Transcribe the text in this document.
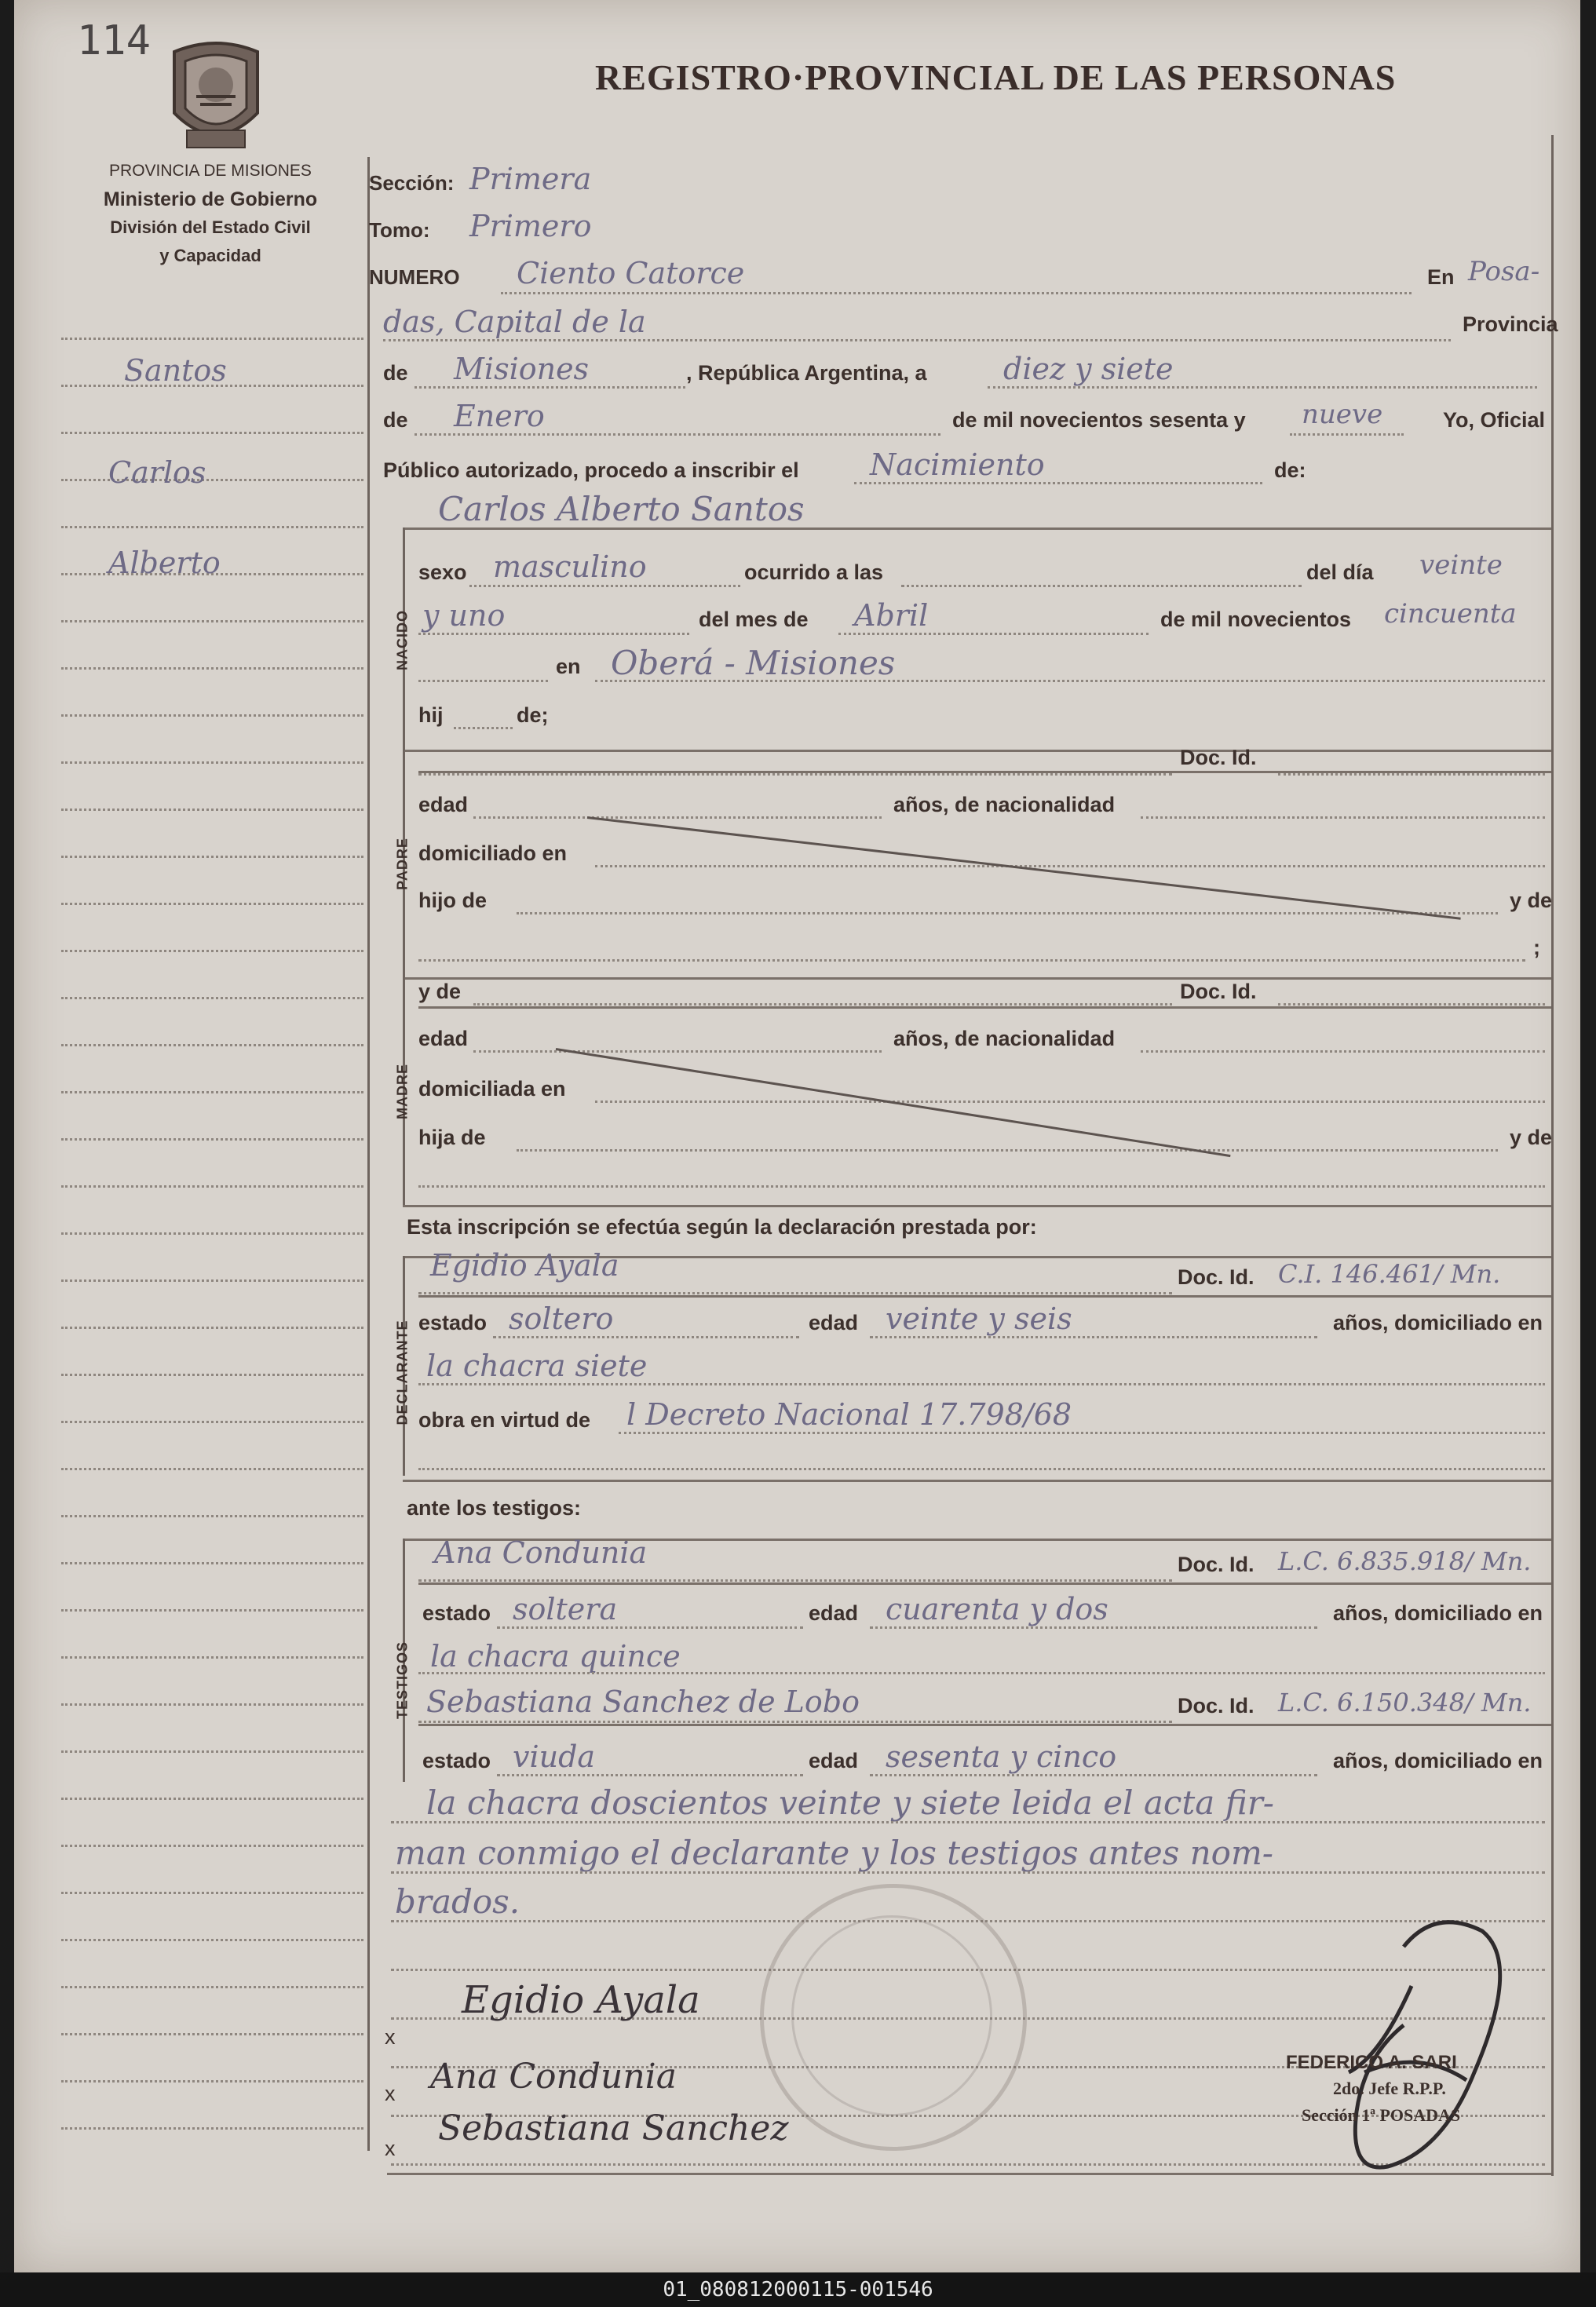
114
REGISTRO·PROVINCIAL DE LAS PERSONAS
PROVINCIA DE MISIONES
Ministerio de Gobierno
División del Estado Civil
y Capacidad
Santos
Carlos
Alberto
Sección: Primera
Tomo: Primero
NUMERO Ciento Catorce	En Posa-
das, Capital de la	Provincia
de Misiones	, República Argentina, a	diez y siete
de Enero	de mil novecientos sesenta y nueve	Yo, Oficial
Público autorizado, procedo a inscribir el Nacimiento	de:
Carlos Alberto Santos
NACIDO
sexo masculino	ocurrido a las	del día veinte
y uno	del mes de Abril	de mil novecientos cincuenta
en Oberá - Misiones
hij	de;
PADRE
Doc. Id.
edad	años, de nacionalidad
domiciliado en
hijo de	y de
;
MADRE
y de	Doc. Id.
edad	años, de nacionalidad
domiciliada en
hija de	y de
Esta inscripción se efectúa según la declaración prestada por:
DECLARANTE
Egidio Ayala	Doc. Id. C.I. 146.461/ Mn.
estado soltero	edad veinte y seis	años, domiciliado en
la chacra siete
obra en virtud de l Decreto Nacional 17.798/68
ante los testigos:
TESTIGOS
Ana Condunia	Doc. Id. L.C. 6.835.918/ Mn.
estado soltera	edad cuarenta y dos	años, domiciliado en
la chacra quince
Sebastiana Sanchez de Lobo	Doc. Id. L.C. 6.150.348/ Mn.
estado viuda	edad sesenta y cinco	años, domiciliado en
la chacra doscientos veinte y siete leida el acta fir-
man conmigo el declarante y los testigos antes nom-
brados.
Egidio Ayala
x
Ana Condunia
x
Sebastiana Sanchez
x
FEDERICO A. SARI
2do. Jefe R.P.P.
Sección 1ª POSADAS
01_080812000115-001546
